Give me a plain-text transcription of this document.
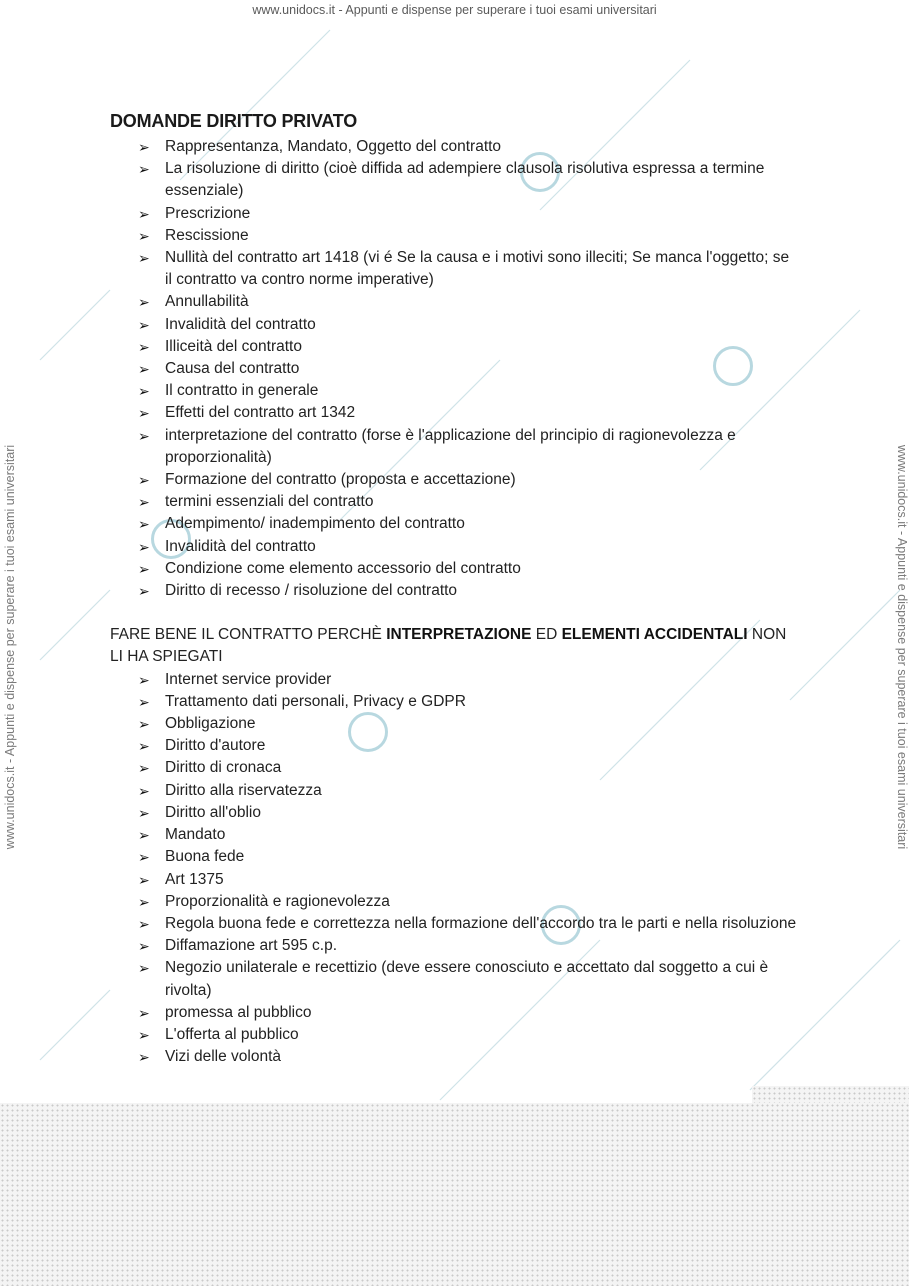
www.unidocs.it - Appunti e dispense per superare i tuoi esami universitari
www.unidocs.it - Appunti e dispense per superare i tuoi esami universitari	www.unidocs.it - Appunti e dispense per superare i tuoi esami universitari
DOMANDE DIRITTO PRIVATO
➢ Rappresentanza, Mandato, Oggetto del contratto
➢ La risoluzione di diritto (cioè diffida ad adempiere clausola risolutiva espressa a termine essenziale)
➢ Prescrizione
➢ Rescissione
➢ Nullità del contratto art 1418 (vi é Se la causa e i motivi sono illeciti; Se manca l'oggetto; se il contratto va contro norme imperative)
➢ Annullabilità
➢ Invalidità del contratto
➢ Illiceità del contratto
➢ Causa del contratto
➢ Il contratto in generale
➢ Effetti del contratto art 1342
➢ interpretazione del contratto (forse è l'applicazione del principio di ragionevolezza e proporzionalità)
➢ Formazione del contratto (proposta e accettazione)
➢ termini essenziali del contratto
➢ Adempimento/ inadempimento del contratto
➢ Invalidità del contratto
➢ Condizione come elemento accessorio del contratto
➢ Diritto di recesso / risoluzione del contratto
FARE BENE IL CONTRATTO PERCHÈ INTERPRETAZIONE ED ELEMENTI ACCIDENTALI NON LI HA SPIEGATI
➢ Internet service provider
➢ Trattamento dati personali, Privacy e GDPR
➢ Obbligazione
➢ Diritto d'autore
➢ Diritto di cronaca
➢ Diritto alla riservatezza
➢ Diritto all'oblio
➢ Mandato
➢ Buona fede
➢ Art 1375
➢ Proporzionalità e ragionevolezza
➢ Regola buona fede e correttezza nella formazione dell'accordo tra le parti e nella risoluzione
➢ Diffamazione art 595 c.p.
➢ Negozio unilaterale e recettizio (deve essere conosciuto e accettato dal soggetto a cui è rivolta)
➢ promessa al pubblico
➢ L'offerta al pubblico
➢ Vizi delle volontà
